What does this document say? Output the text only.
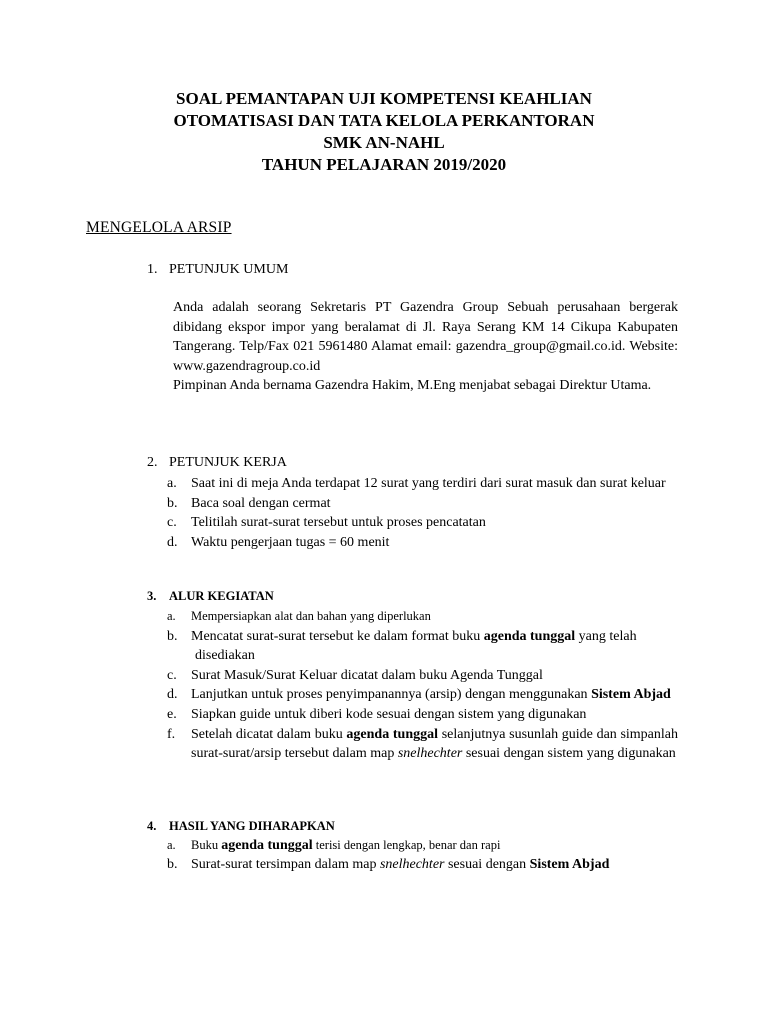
SOAL PEMANTAPAN UJI KOMPETENSI KEAHLIAN
OTOMATISASI DAN TATA KELOLA PERKANTORAN
SMK AN-NAHL
TAHUN PELAJARAN 2019/2020
MENGELOLA ARSIP
1. PETUNJUK UMUM

Anda adalah seorang Sekretaris PT Gazendra Group Sebuah perusahaan bergerak dibidang ekspor impor yang beralamat di Jl. Raya Serang KM 14 Cikupa Kabupaten Tangerang. Telp/Fax 021 5961480 Alamat email: gazendra_group@gmail.co.id. Website: www.gazendragroup.co.id

Pimpinan Anda bernama Gazendra Hakim, M.Eng menjabat sebagai Direktur Utama.

2. PETUNJUK KERJA
a. Saat ini di meja Anda terdapat 12 surat yang terdiri dari surat masuk dan surat keluar
b. Baca soal dengan cermat
c. Telitilah surat-surat tersebut untuk proses pencatatan
d. Waktu pengerjaan tugas = 60 menit
3. ALUR KEGIATAN
a. Mempersiapkan alat dan bahan yang diperlukan
b. Mencatat surat-surat tersebut ke dalam format buku agenda tunggal yang telah
disediakan
c. Surat Masuk/Surat Keluar dicatat dalam buku Agenda Tunggal
d. Lanjutkan untuk proses penyimpanannya (arsip) dengan menggunakan Sistem Abjad
e. Siapkan guide untuk diberi kode sesuai dengan sistem yang digunakan
f. Setelah dicatat dalam buku agenda tunggal selanjutnya susunlah guide dan simpanlah surat-surat/arsip tersebut dalam map snelhechter sesuai dengan sistem yang digunakan
4. HASIL YANG DIHARAPKAN
a. Buku agenda tunggal terisi dengan lengkap, benar dan rapi
b. Surat-surat tersimpan dalam map snelhechter sesuai dengan Sistem Abjad
